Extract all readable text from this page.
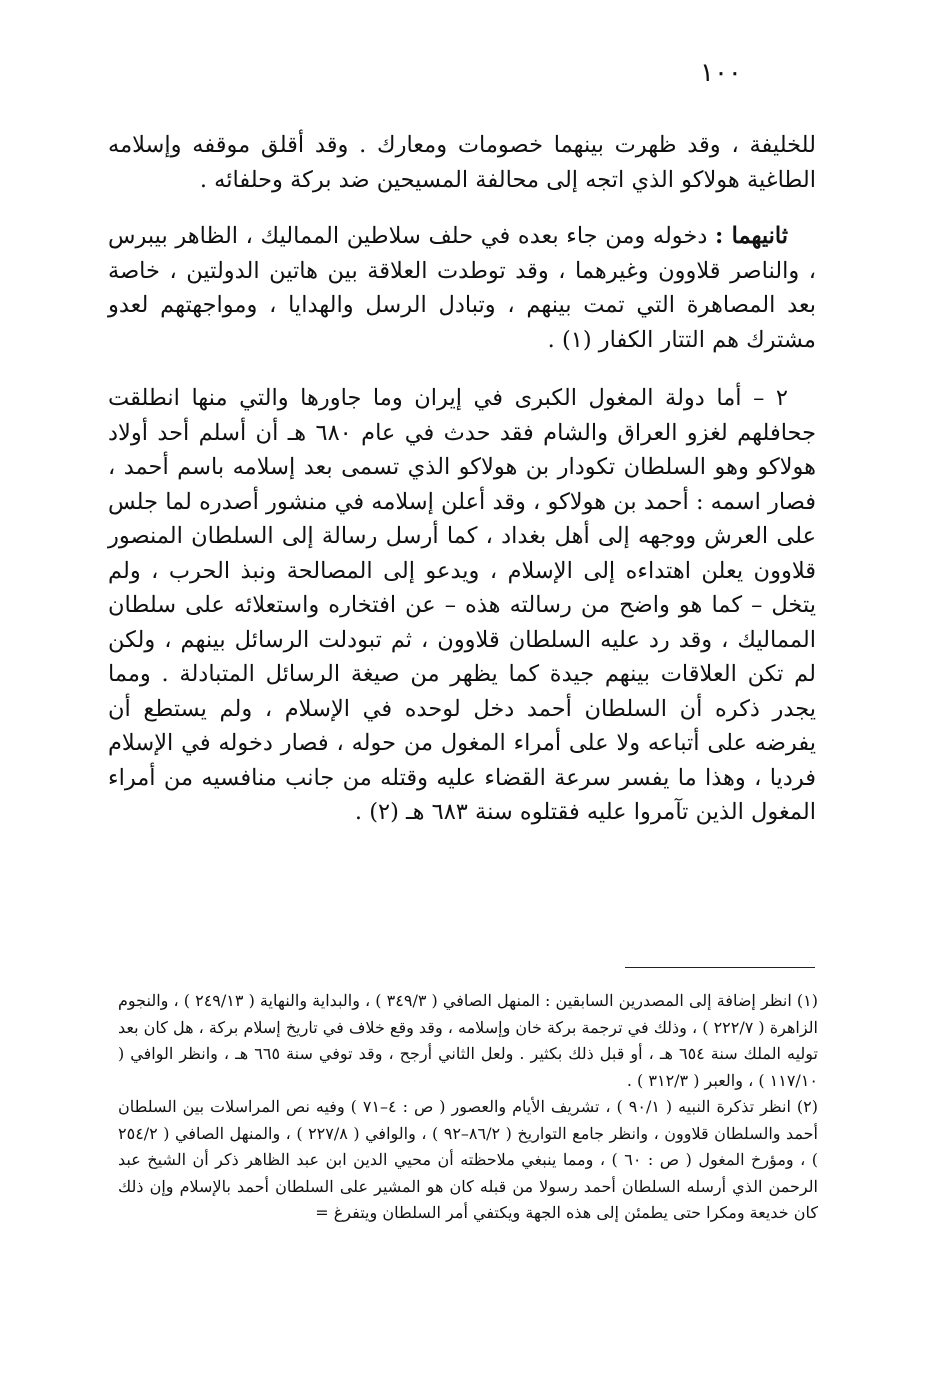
١٠٠

للخليفة ، وقد ظهرت بينهما خصومات ومعارك . وقد أقلق موقفه وإسلامه الطاغية هولاكو الذي اتجه إلى محالفة المسيحين ضد بركة وحلفائه .

ثانيهما : دخوله ومن جاء بعده في حلف سلاطين المماليك ، الظاهر بيبرس ، والناصر قلاوون وغيرهما ، وقد توطدت العلاقة بين هاتين الدولتين ، خاصة بعد المصاهرة التي تمت بينهم ، وتبادل الرسل والهدايا ، ومواجهتهم لعدو مشترك هم التتار الكفار (١) .

٢ – أما دولة المغول الكبرى في إيران وما جاورها والتي منها انطلقت جحافلهم لغزو العراق والشام فقد حدث في عام ٦٨٠ هـ أن أسلم أحد أولاد هولاكو وهو السلطان تكودار بن هولاكو الذي تسمى بعد إسلامه باسم أحمد ، فصار اسمه : أحمد بن هولاكو ، وقد أعلن إسلامه في منشور أصدره لما جلس على العرش ووجهه إلى أهل بغداد ، كما أرسل رسالة إلى السلطان المنصور قلاوون يعلن اهتداءه إلى الإسلام ، ويدعو إلى المصالحة ونبذ الحرب ، ولم يتخل – كما هو واضح من رسالته هذه – عن افتخاره واستعلائه على سلطان المماليك ، وقد رد عليه السلطان قلاوون ، ثم تبودلت الرسائل بينهم ، ولكن لم تكن العلاقات بينهم جيدة كما يظهر من صيغة الرسائل المتبادلة . ومما يجدر ذكره أن السلطان أحمد دخل لوحده في الإسلام ، ولم يستطع أن يفرضه على أتباعه ولا على أمراء المغول من حوله ، فصار دخوله في الإسلام فرديا ، وهذا ما يفسر سرعة القضاء عليه وقتله من جانب منافسيه من أمراء المغول الذين تآمروا عليه فقتلوه سنة ٦٨٣ هـ (٢) .

(١) انظر إضافة إلى المصدرين السابقين : المنهل الصافي ( ٣٤٩/٣ ) ، والبداية والنهاية ( ٢٤٩/١٣ ) ، والنجوم الزاهرة ( ٢٢٢/٧ ) ، وذلك في ترجمة بركة خان وإسلامه ، وقد وقع خلاف في تاريخ إسلام بركة ، هل كان بعد توليه الملك سنة ٦٥٤ هـ ، أو قبل ذلك بكثير . ولعل الثاني أرجح ، وقد توفي سنة ٦٦٥ هـ ، وانظر الوافي ( ١١٧/١٠ ) ، والعبر ( ٣١٢/٣ ) .

(٢) انظر تذكرة النبيه ( ٩٠/١ ) ، تشريف الأيام والعصور ( ص : ٤–٧١ ) وفيه نص المراسلات بين السلطان أحمد والسلطان قلاوون ، وانظر جامع التواريخ ( ٨٦/٢–٩٢ ) ، والوافي ( ٢٢٧/٨ ) ، والمنهل الصافي ( ٢٥٤/٢ ) ، ومؤرخ المغول ( ص : ٦٠ ) ، ومما ينبغي ملاحظته أن محيي الدين ابن عبد الظاهر ذكر أن الشيخ عبد الرحمن الذي أرسله السلطان أحمد رسولا من قبله كان هو المشير على السلطان أحمد بالإسلام وإن ذلك كان خديعة ومكرا حتى يطمئن إلى هذه الجهة ويكتفي أمر السلطان ويتفرغ =
